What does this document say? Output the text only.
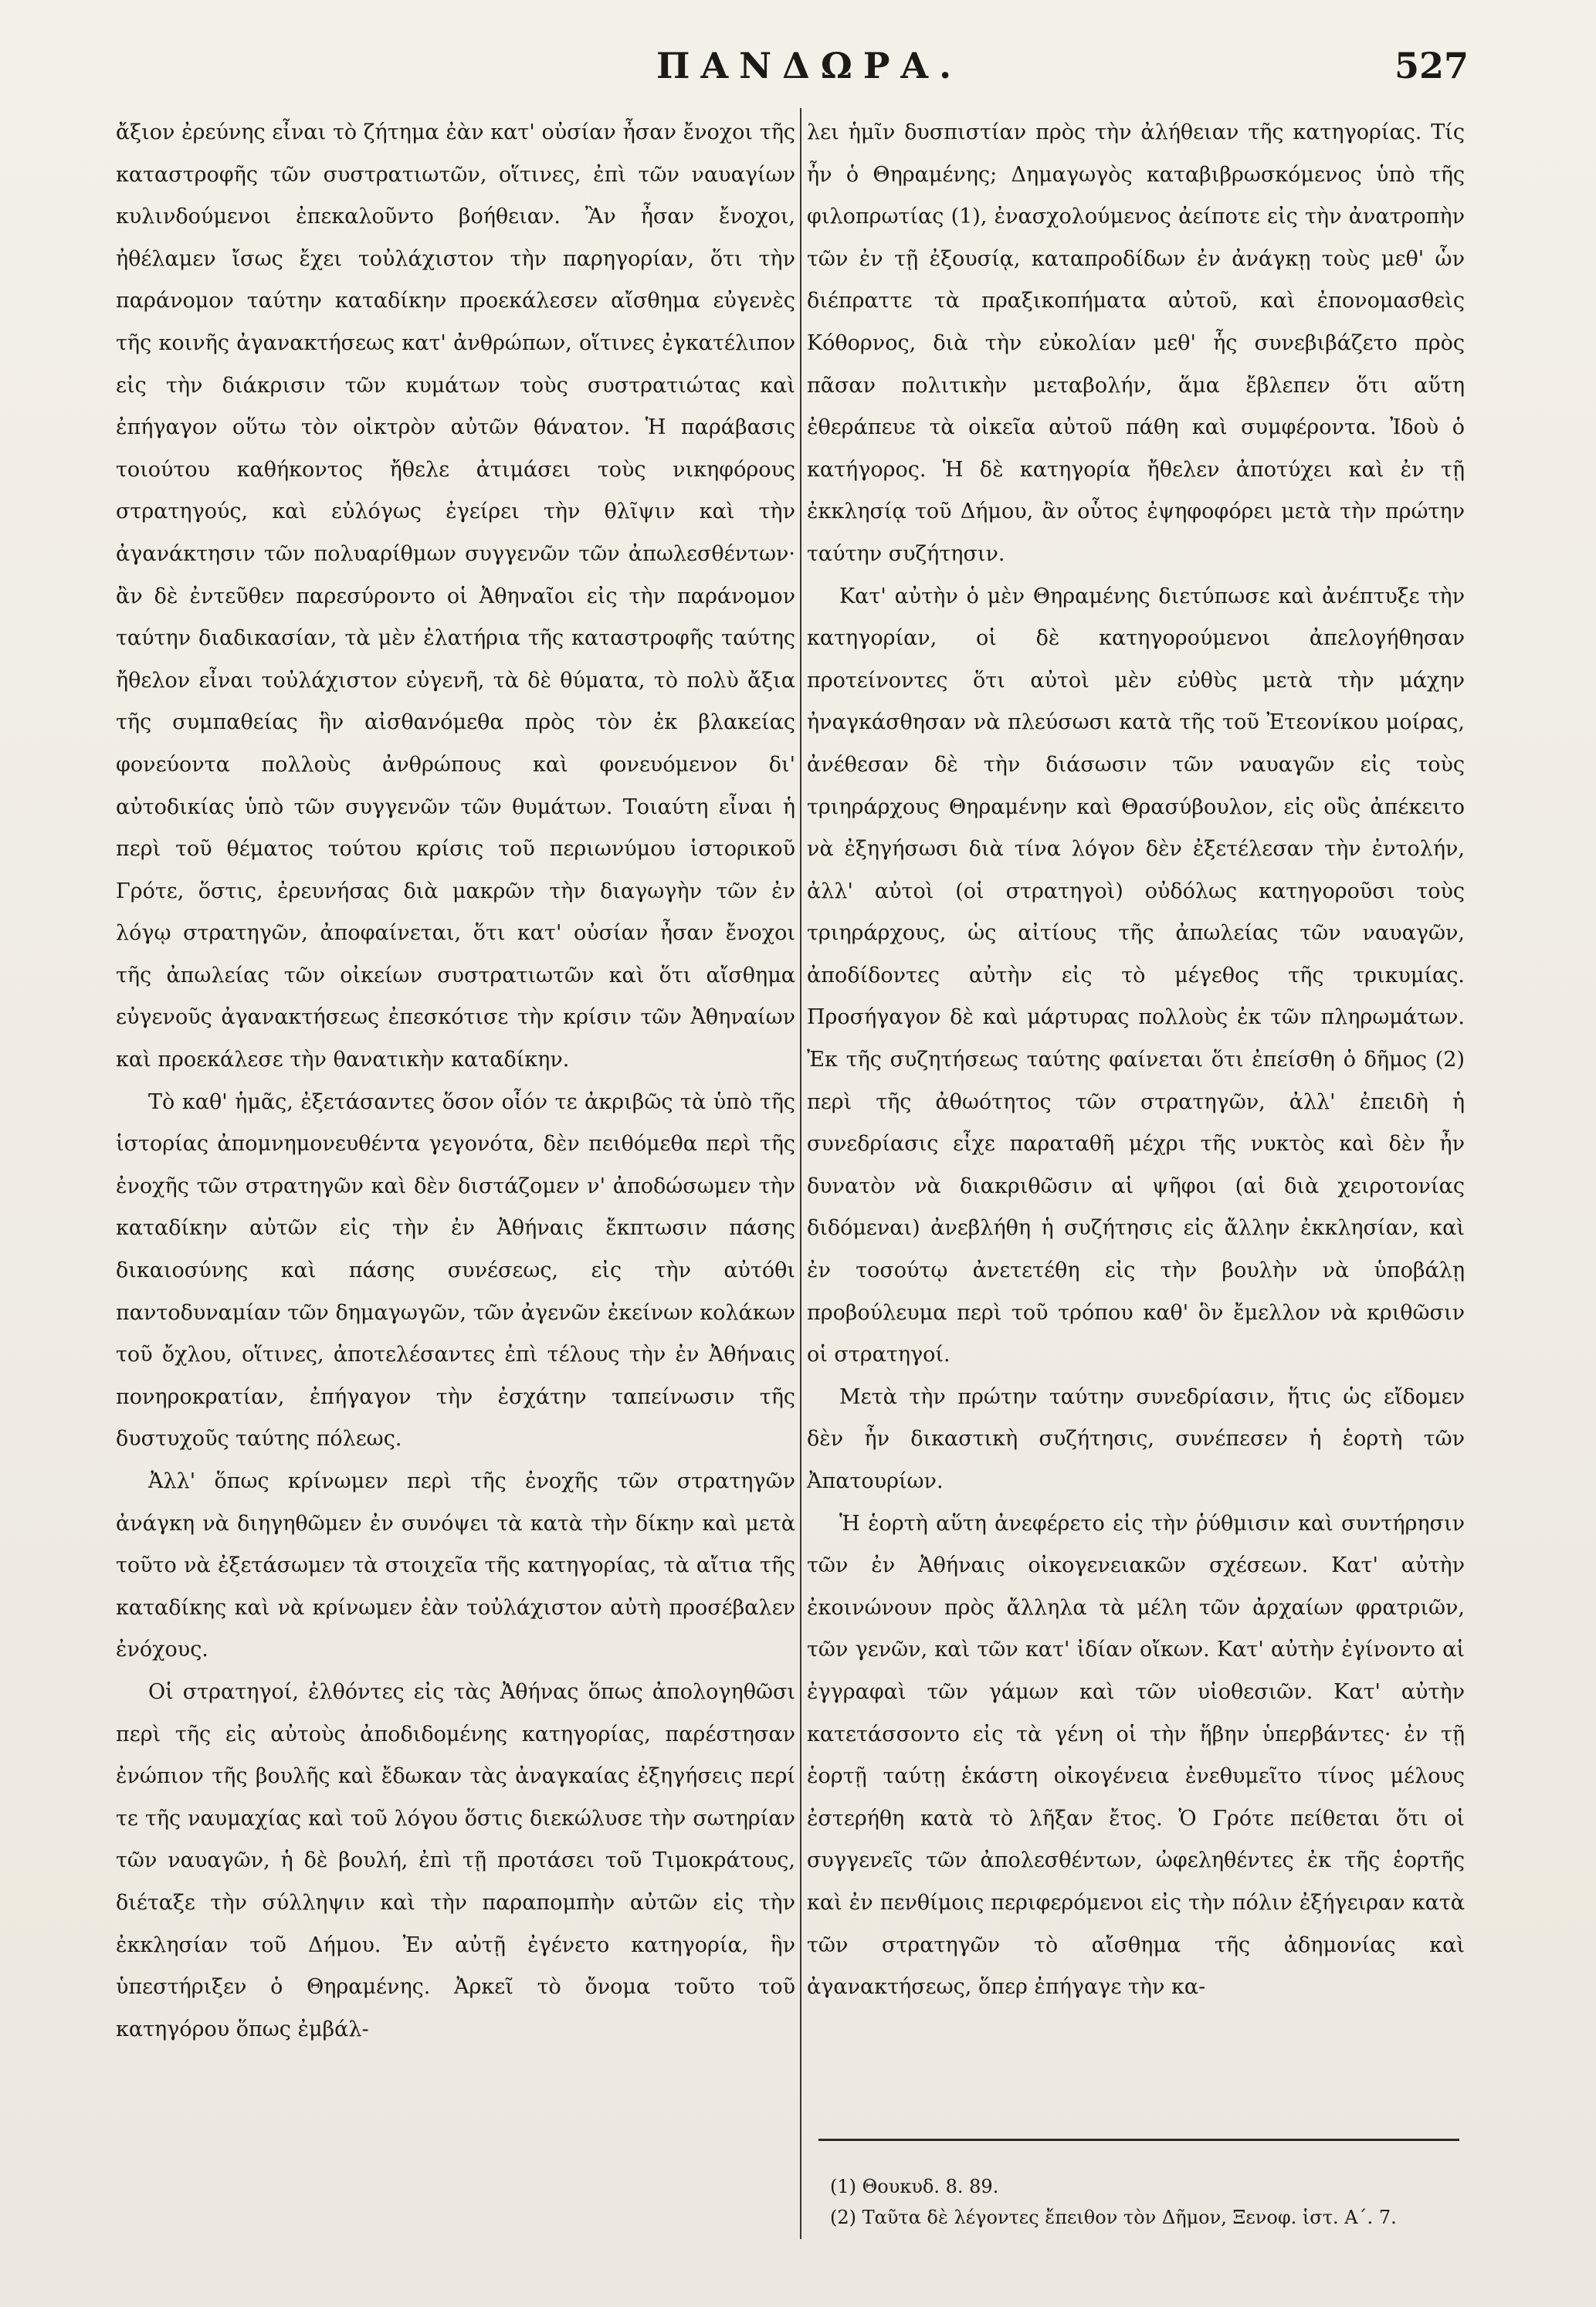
ΠΑΝΔΩΡΑ.	527

ἄξιον ἐρεύνης εἶναι τὸ ζήτημα ἐὰν κατ' οὐσίαν ἦσαν ἔνοχοι τῆς καταστροφῆς τῶν συστρατιωτῶν, οἵτινες, ἐπὶ τῶν ναυαγίων κυλινδούμενοι ἐπεκαλοῦντο βοήθειαν. Ἂν ἦσαν ἔνοχοι, ἠθέλαμεν ἴσως ἔχει τοὐλάχιστον τὴν παρηγορίαν, ὅτι τὴν παράνομον ταύτην καταδίκην προεκάλεσεν αἴσθημα εὐγενὲς τῆς κοινῆς ἀγανακτήσεως κατ' ἀνθρώπων, οἵτινες ἐγκατέλιπον εἰς τὴν διάκρισιν τῶν κυμάτων τοὺς συστρατιώτας καὶ ἐπήγαγον οὕτω τὸν οἰκτρὸν αὐτῶν θάνατον. Ἡ παράβασις τοιούτου καθήκοντος ἤθελε ἀτιμάσει τοὺς νικηφόρους στρατηγούς, καὶ εὐλόγως ἐγείρει τὴν θλῖψιν καὶ τὴν ἀγανάκτησιν τῶν πολυαρίθμων συγγενῶν τῶν ἀπωλεσθέντων· ἂν δὲ ἐντεῦθεν παρεσύροντο οἱ Ἀθηναῖοι εἰς τὴν παράνομον ταύτην διαδικασίαν, τὰ μὲν ἐλατήρια τῆς καταστροφῆς ταύτης ἤθελον εἶναι τοὐλάχιστον εὐγενῆ, τὰ δὲ θύματα, τὸ πολὺ ἄξια τῆς συμπαθείας ἣν αἰσθανόμεθα πρὸς τὸν ἐκ βλακείας φονεύοντα πολλοὺς ἀνθρώπους καὶ φονευόμενον δι' αὐτοδικίας ὑπὸ τῶν συγγενῶν τῶν θυμάτων. Τοιαύτη εἶναι ἡ περὶ τοῦ θέματος τούτου κρίσις τοῦ περιωνύμου ἱστορικοῦ Γρότε, ὅστις, ἐρευνήσας διὰ μακρῶν τὴν διαγωγὴν τῶν ἐν λόγῳ στρατηγῶν, ἀποφαίνεται, ὅτι κατ' οὐσίαν ἦσαν ἔνοχοι τῆς ἀπωλείας τῶν οἰκείων συστρατιωτῶν καὶ ὅτι αἴσθημα εὐγενοῦς ἀγανακτήσεως ἐπεσκότισε τὴν κρίσιν τῶν Ἀθηναίων καὶ προεκάλεσε τὴν θανατικὴν καταδίκην.

Τὸ καθ' ἡμᾶς, ἐξετάσαντες ὅσον οἷόν τε ἀκριβῶς τὰ ὑπὸ τῆς ἱστορίας ἀπομνημονευθέντα γεγονότα, δὲν πειθόμεθα περὶ τῆς ἐνοχῆς τῶν στρατηγῶν καὶ δὲν διστάζομεν ν' ἀποδώσωμεν τὴν καταδίκην αὐτῶν εἰς τὴν ἐν Ἀθήναις ἔκπτωσιν πάσης δικαιοσύνης καὶ πάσης συνέσεως, εἰς τὴν αὐτόθι παντοδυναμίαν τῶν δημαγωγῶν, τῶν ἀγενῶν ἐκείνων κολάκων τοῦ ὄχλου, οἵτινες, ἀποτελέσαντες ἐπὶ τέλους τὴν ἐν Ἀθήναις πονηροκρατίαν, ἐπήγαγον τὴν ἐσχάτην ταπείνωσιν τῆς δυστυχοῦς ταύτης πόλεως.

Ἀλλ' ὅπως κρίνωμεν περὶ τῆς ἐνοχῆς τῶν στρατηγῶν ἀνάγκη νὰ διηγηθῶμεν ἐν συνόψει τὰ κατὰ τὴν δίκην καὶ μετὰ τοῦτο νὰ ἐξετάσωμεν τὰ στοιχεῖα τῆς κατηγορίας, τὰ αἴτια τῆς καταδίκης καὶ νὰ κρίνωμεν ἐὰν τοὐλάχιστον αὐτὴ προσέβαλεν ἐνόχους.

Οἱ στρατηγοί, ἐλθόντες εἰς τὰς Ἀθήνας ὅπως ἀπολογηθῶσι περὶ τῆς εἰς αὐτοὺς ἀποδιδομένης κατηγορίας, παρέστησαν ἐνώπιον τῆς βουλῆς καὶ ἔδωκαν τὰς ἀναγκαίας ἐξηγήσεις περί τε τῆς ναυμαχίας καὶ τοῦ λόγου ὅστις διεκώλυσε τὴν σωτηρίαν τῶν ναυαγῶν, ἡ δὲ βουλή, ἐπὶ τῇ προτάσει τοῦ Τιμοκράτους, διέταξε τὴν σύλληψιν καὶ τὴν παραπομπὴν αὐτῶν εἰς τὴν ἐκκλησίαν τοῦ Δήμου. Ἐν αὐτῇ ἐγένετο κατηγορία, ἣν ὑπεστήριξεν ὁ Θηραμένης. Ἀρκεῖ τὸ ὄνομα τοῦτο τοῦ κατηγόρου ὅπως ἐμβάλ-

λει ἡμῖν δυσπιστίαν πρὸς τὴν ἀλήθειαν τῆς κατηγορίας. Τίς ἦν ὁ Θηραμένης; Δημαγωγὸς καταβιβρωσκόμενος ὑπὸ τῆς φιλοπρωτίας (1), ἐνασχολούμενος ἀείποτε εἰς τὴν ἀνατροπὴν τῶν ἐν τῇ ἐξουσίᾳ, καταπροδίδων ἐν ἀνάγκῃ τοὺς μεθ' ὧν διέπραττε τὰ πραξικοπήματα αὐτοῦ, καὶ ἐπονομασθεὶς Κόθορνος, διὰ τὴν εὐκολίαν μεθ' ἧς συνεβιβάζετο πρὸς πᾶσαν πολιτικὴν μεταβολήν, ἅμα ἔβλεπεν ὅτι αὕτη ἐθεράπευε τὰ οἰκεῖα αὐτοῦ πάθη καὶ συμφέροντα. Ἰδοὺ ὁ κατήγορος. Ἡ δὲ κατηγορία ἤθελεν ἀποτύχει καὶ ἐν τῇ ἐκκλησίᾳ τοῦ Δήμου, ἂν οὗτος ἐψηφοφόρει μετὰ τὴν πρώτην ταύτην συζήτησιν.

Κατ' αὐτὴν ὁ μὲν Θηραμένης διετύπωσε καὶ ἀνέπτυξε τὴν κατηγορίαν, οἱ δὲ κατηγορούμενοι ἀπελογήθησαν προτείνοντες ὅτι αὐτοὶ μὲν εὐθὺς μετὰ τὴν μάχην ἠναγκάσθησαν νὰ πλεύσωσι κατὰ τῆς τοῦ Ἐτεονίκου μοίρας, ἀνέθεσαν δὲ τὴν διάσωσιν τῶν ναυαγῶν εἰς τοὺς τριηράρχους Θηραμένην καὶ Θρασύβουλον, εἰς οὓς ἀπέκειτο νὰ ἐξηγήσωσι διὰ τίνα λόγον δὲν ἐξετέλεσαν τὴν ἐντολήν, ἀλλ' αὐτοὶ (οἱ στρατηγοὶ) οὐδόλως κατηγοροῦσι τοὺς τριηράρχους, ὡς αἰτίους τῆς ἀπωλείας τῶν ναυαγῶν, ἀποδίδοντες αὐτὴν εἰς τὸ μέγεθος τῆς τρικυμίας. Προσήγαγον δὲ καὶ μάρτυρας πολλοὺς ἐκ τῶν πληρωμάτων. Ἐκ τῆς συζητήσεως ταύτης φαίνεται ὅτι ἐπείσθη ὁ δῆμος (2) περὶ τῆς ἀθωότητος τῶν στρατηγῶν, ἀλλ' ἐπειδὴ ἡ συνεδρίασις εἶχε παραταθῆ μέχρι τῆς νυκτὸς καὶ δὲν ἦν δυνατὸν νὰ διακριθῶσιν αἱ ψῆφοι (αἱ διὰ χειροτονίας διδόμεναι) ἀνεβλήθη ἡ συζήτησις εἰς ἄλλην ἐκκλησίαν, καὶ ἐν τοσούτῳ ἀνετετέθη εἰς τὴν βουλὴν νὰ ὑποβάλῃ προβούλευμα περὶ τοῦ τρόπου καθ' ὃν ἔμελλον νὰ κριθῶσιν οἱ στρατηγοί.

Μετὰ τὴν πρώτην ταύτην συνεδρίασιν, ἥτις ὡς εἴδομεν δὲν ἦν δικαστικὴ συζήτησις, συνέπεσεν ἡ ἑορτὴ τῶν Ἀπατουρίων.

Ἡ ἑορτὴ αὕτη ἀνεφέρετο εἰς τὴν ῥύθμισιν καὶ συντήρησιν τῶν ἐν Ἀθήναις οἰκογενειακῶν σχέσεων. Κατ' αὐτὴν ἐκοινώνουν πρὸς ἄλληλα τὰ μέλη τῶν ἀρχαίων φρατριῶν, τῶν γενῶν, καὶ τῶν κατ' ἰδίαν οἴκων. Κατ' αὐτὴν ἐγίνοντο αἱ ἐγγραφαὶ τῶν γάμων καὶ τῶν υἱοθεσιῶν. Κατ' αὐτὴν κατετάσσοντο εἰς τὰ γένη οἱ τὴν ἥβην ὑπερβάντες· ἐν τῇ ἑορτῇ ταύτῃ ἑκάστη οἰκογένεια ἐνεθυμεῖτο τίνος μέλους ἐστερήθη κατὰ τὸ λῆξαν ἔτος. Ὁ Γρότε πείθεται ὅτι οἱ συγγενεῖς τῶν ἀπολεσθέντων, ὠφεληθέντες ἐκ τῆς ἑορτῆς καὶ ἐν πενθίμοις περιφερόμενοι εἰς τὴν πόλιν ἐξήγειραν κατὰ τῶν στρατηγῶν τὸ αἴσθημα τῆς ἀδημονίας καὶ ἀγανακτήσεως, ὅπερ ἐπήγαγε τὴν κα-

(1) Θουκυδ. 8. 89.

(2) Ταῦτα δὲ λέγοντες ἔπειθον τὸν Δῆμον, Ξενοφ. ἱστ. Α΄. 7.
